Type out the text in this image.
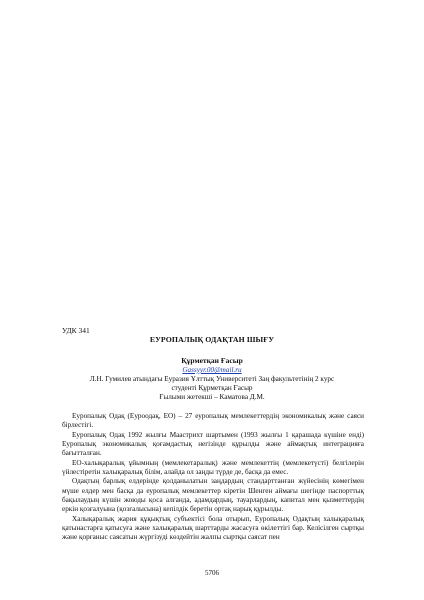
УДК 341
ЕУРОПАЛЫҚ ОДАҚТАН ШЫҒУ
Құрметқан Ғасыр
Gassyyr.00@mail.ru
Л.Н. Гумилев атындағы Еуразия Ұлттық Университеті Заң факультетінің 2 курс
студенті Құрметқан Ғасыр
Ғылыми жетекші – Каматова Д.М.

Еуропалық Одақ (Еуроодақ, ЕО) – 27 еуропалық мемлекеттердің экономикалық және саяси бірлестігі.

Еуропалық Одақ 1992 жылғы Маастрихт шартымен (1993 жылғы 1 қарашада күшіне енді) Еуропалық экономикалық қоғамдастық негізінде құрылды және аймақтық интеграцияға бағытталған.

ЕО-халықаралық ұйымның (мемлекетаралық) және мемлекеттің (мемлекетүсті) белгілерін үйлестіретін халықаралық білім, алайда ол заңды түрде де, басқа да емес.

Одақтың барлық елдерінде қолданылатын заңдардың стандарттанған жүйесінің көмегімен мүше елдер мен басқа да еуропалық мемлекеттер кіретін Шенген аймағы шегінде паспорттық бақылаудың күшін жоюды қоса алғанда, адамдардың, тауарлардың, капитал мен қызметтердің еркін қозғалуына (қозғалысына) кепілдік беретін ортақ нарық құрылды.

Халықаралық жария құқықтық субъектісі бола отырып, Еуропалық Одақтың халықаралық қатынастарға қатысуға және халықаралық шарттарды жасасуға өкілеттігі бар. Келісілген сыртқы және қорғаныс саясатын жүргізуді көздейтін жалпы сыртқы саясат пен

5706
